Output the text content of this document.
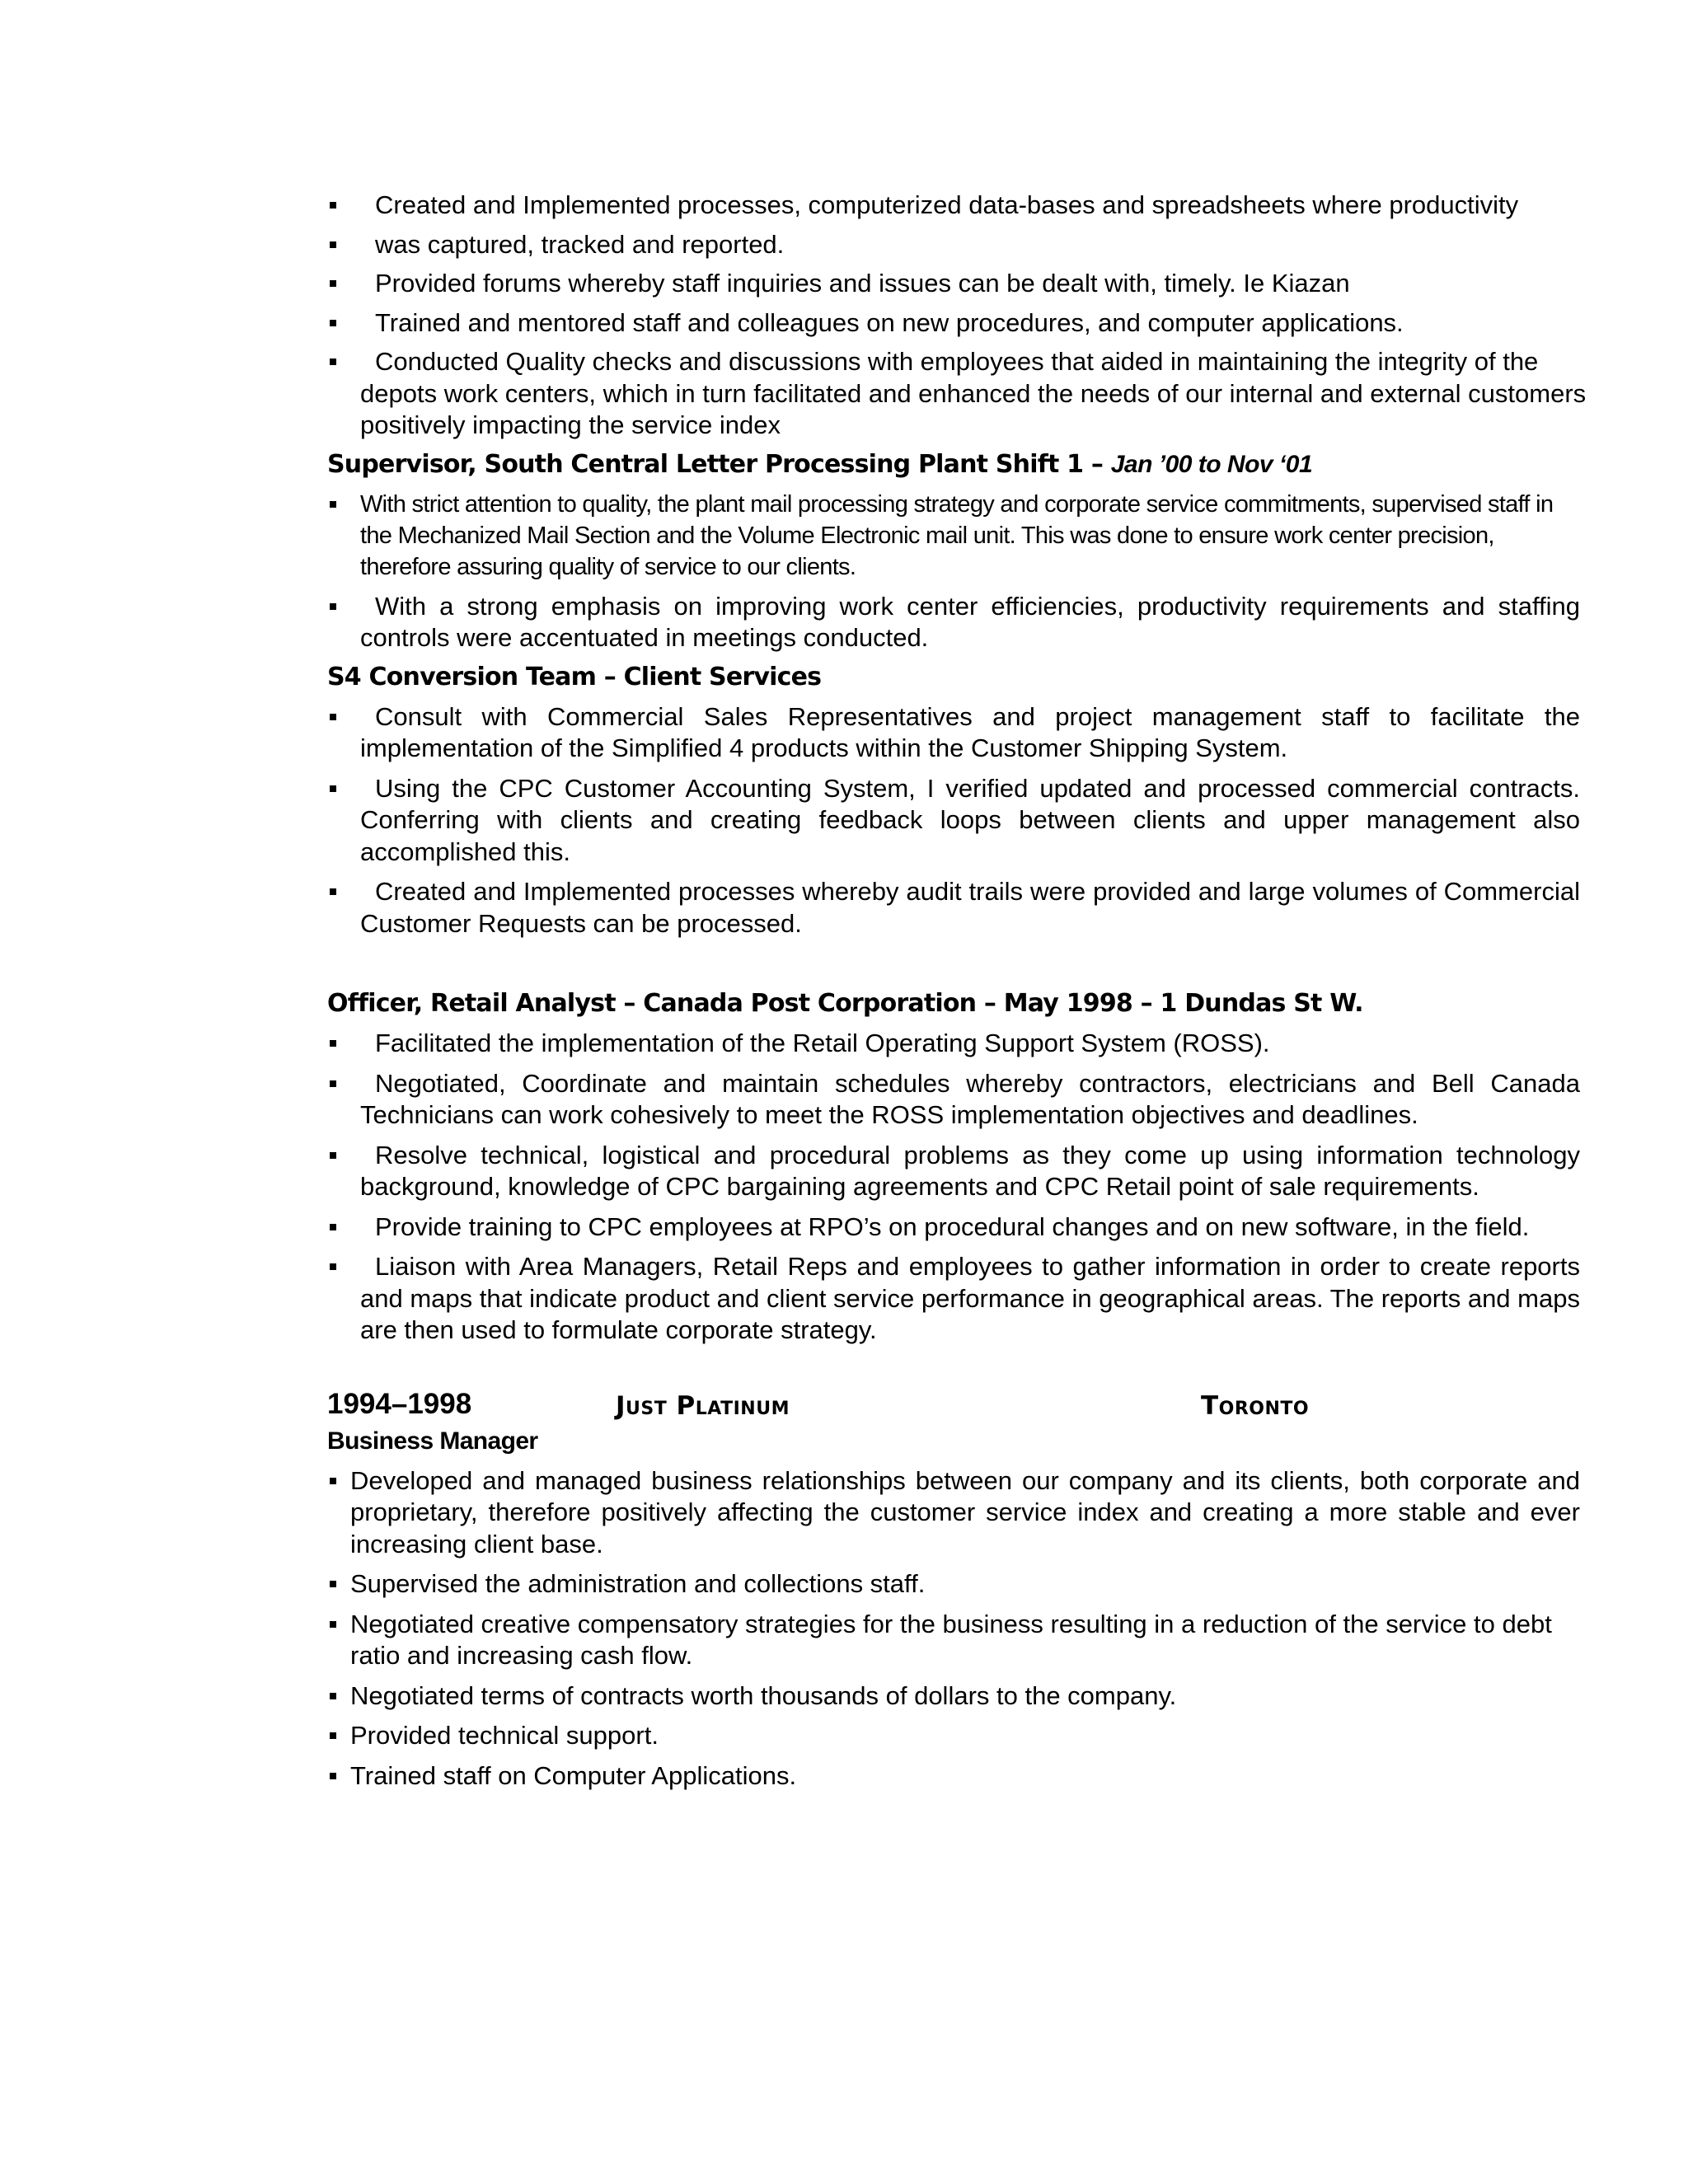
Created and Implemented processes, computerized data-bases and spreadsheets where productivity
was captured, tracked and reported.
Provided forums whereby staff inquiries and issues can be dealt with, timely. Ie Kiazan
Trained and mentored staff and colleagues on new procedures, and computer applications.
Conducted Quality checks and discussions with employees that aided in maintaining the integrity of the depots work centers, which in turn facilitated and enhanced the needs of our internal and external customers positively impacting the service index
Supervisor, South Central Letter Processing Plant Shift 1 – Jan ’00 to Nov ‘01
With strict attention to quality, the plant mail processing strategy and corporate service commitments, supervised staff in the Mechanized Mail Section and the Volume Electronic mail unit. This was done to ensure work center precision, therefore assuring quality of service to our clients.
With a strong emphasis on improving work center efficiencies, productivity requirements and staffing controls were accentuated in meetings conducted.
S4 Conversion Team – Client Services
Consult with Commercial Sales Representatives and project management staff to facilitate the implementation of the Simplified 4 products within the Customer Shipping System.
Using the CPC Customer Accounting System, I verified updated and processed commercial contracts. Conferring with clients and creating feedback loops between clients and upper management also accomplished this.
Created and Implemented processes whereby audit trails were provided and large volumes of Commercial Customer Requests can be processed.
Officer, Retail Analyst – Canada Post Corporation – May 1998 – 1 Dundas St W.
Facilitated the implementation of the Retail Operating Support System (ROSS).
Negotiated, Coordinate and maintain schedules whereby contractors, electricians and Bell Canada Technicians can work cohesively to meet the ROSS implementation objectives and deadlines.
Resolve technical, logistical and procedural problems as they come up using information technology background, knowledge of CPC bargaining agreements and CPC Retail point of sale requirements.
Provide training to CPC employees at RPO’s on procedural changes and on new software, in the field.
Liaison with Area Managers, Retail Reps and employees to gather information in order to create reports and maps that indicate product and client service performance in geographical areas. The reports and maps are then used to formulate corporate strategy.
1994–1998	Just Platinum	Toronto
Business Manager
Developed and managed business relationships between our company and its clients, both corporate and proprietary, therefore positively affecting the customer service index and creating a more stable and ever increasing client base.
Supervised the administration and collections staff.
Negotiated creative compensatory strategies for the business resulting in a reduction of the service to debt ratio and increasing cash flow.
Negotiated terms of contracts worth thousands of dollars to the company.
Provided technical support.
Trained staff on Computer Applications.
